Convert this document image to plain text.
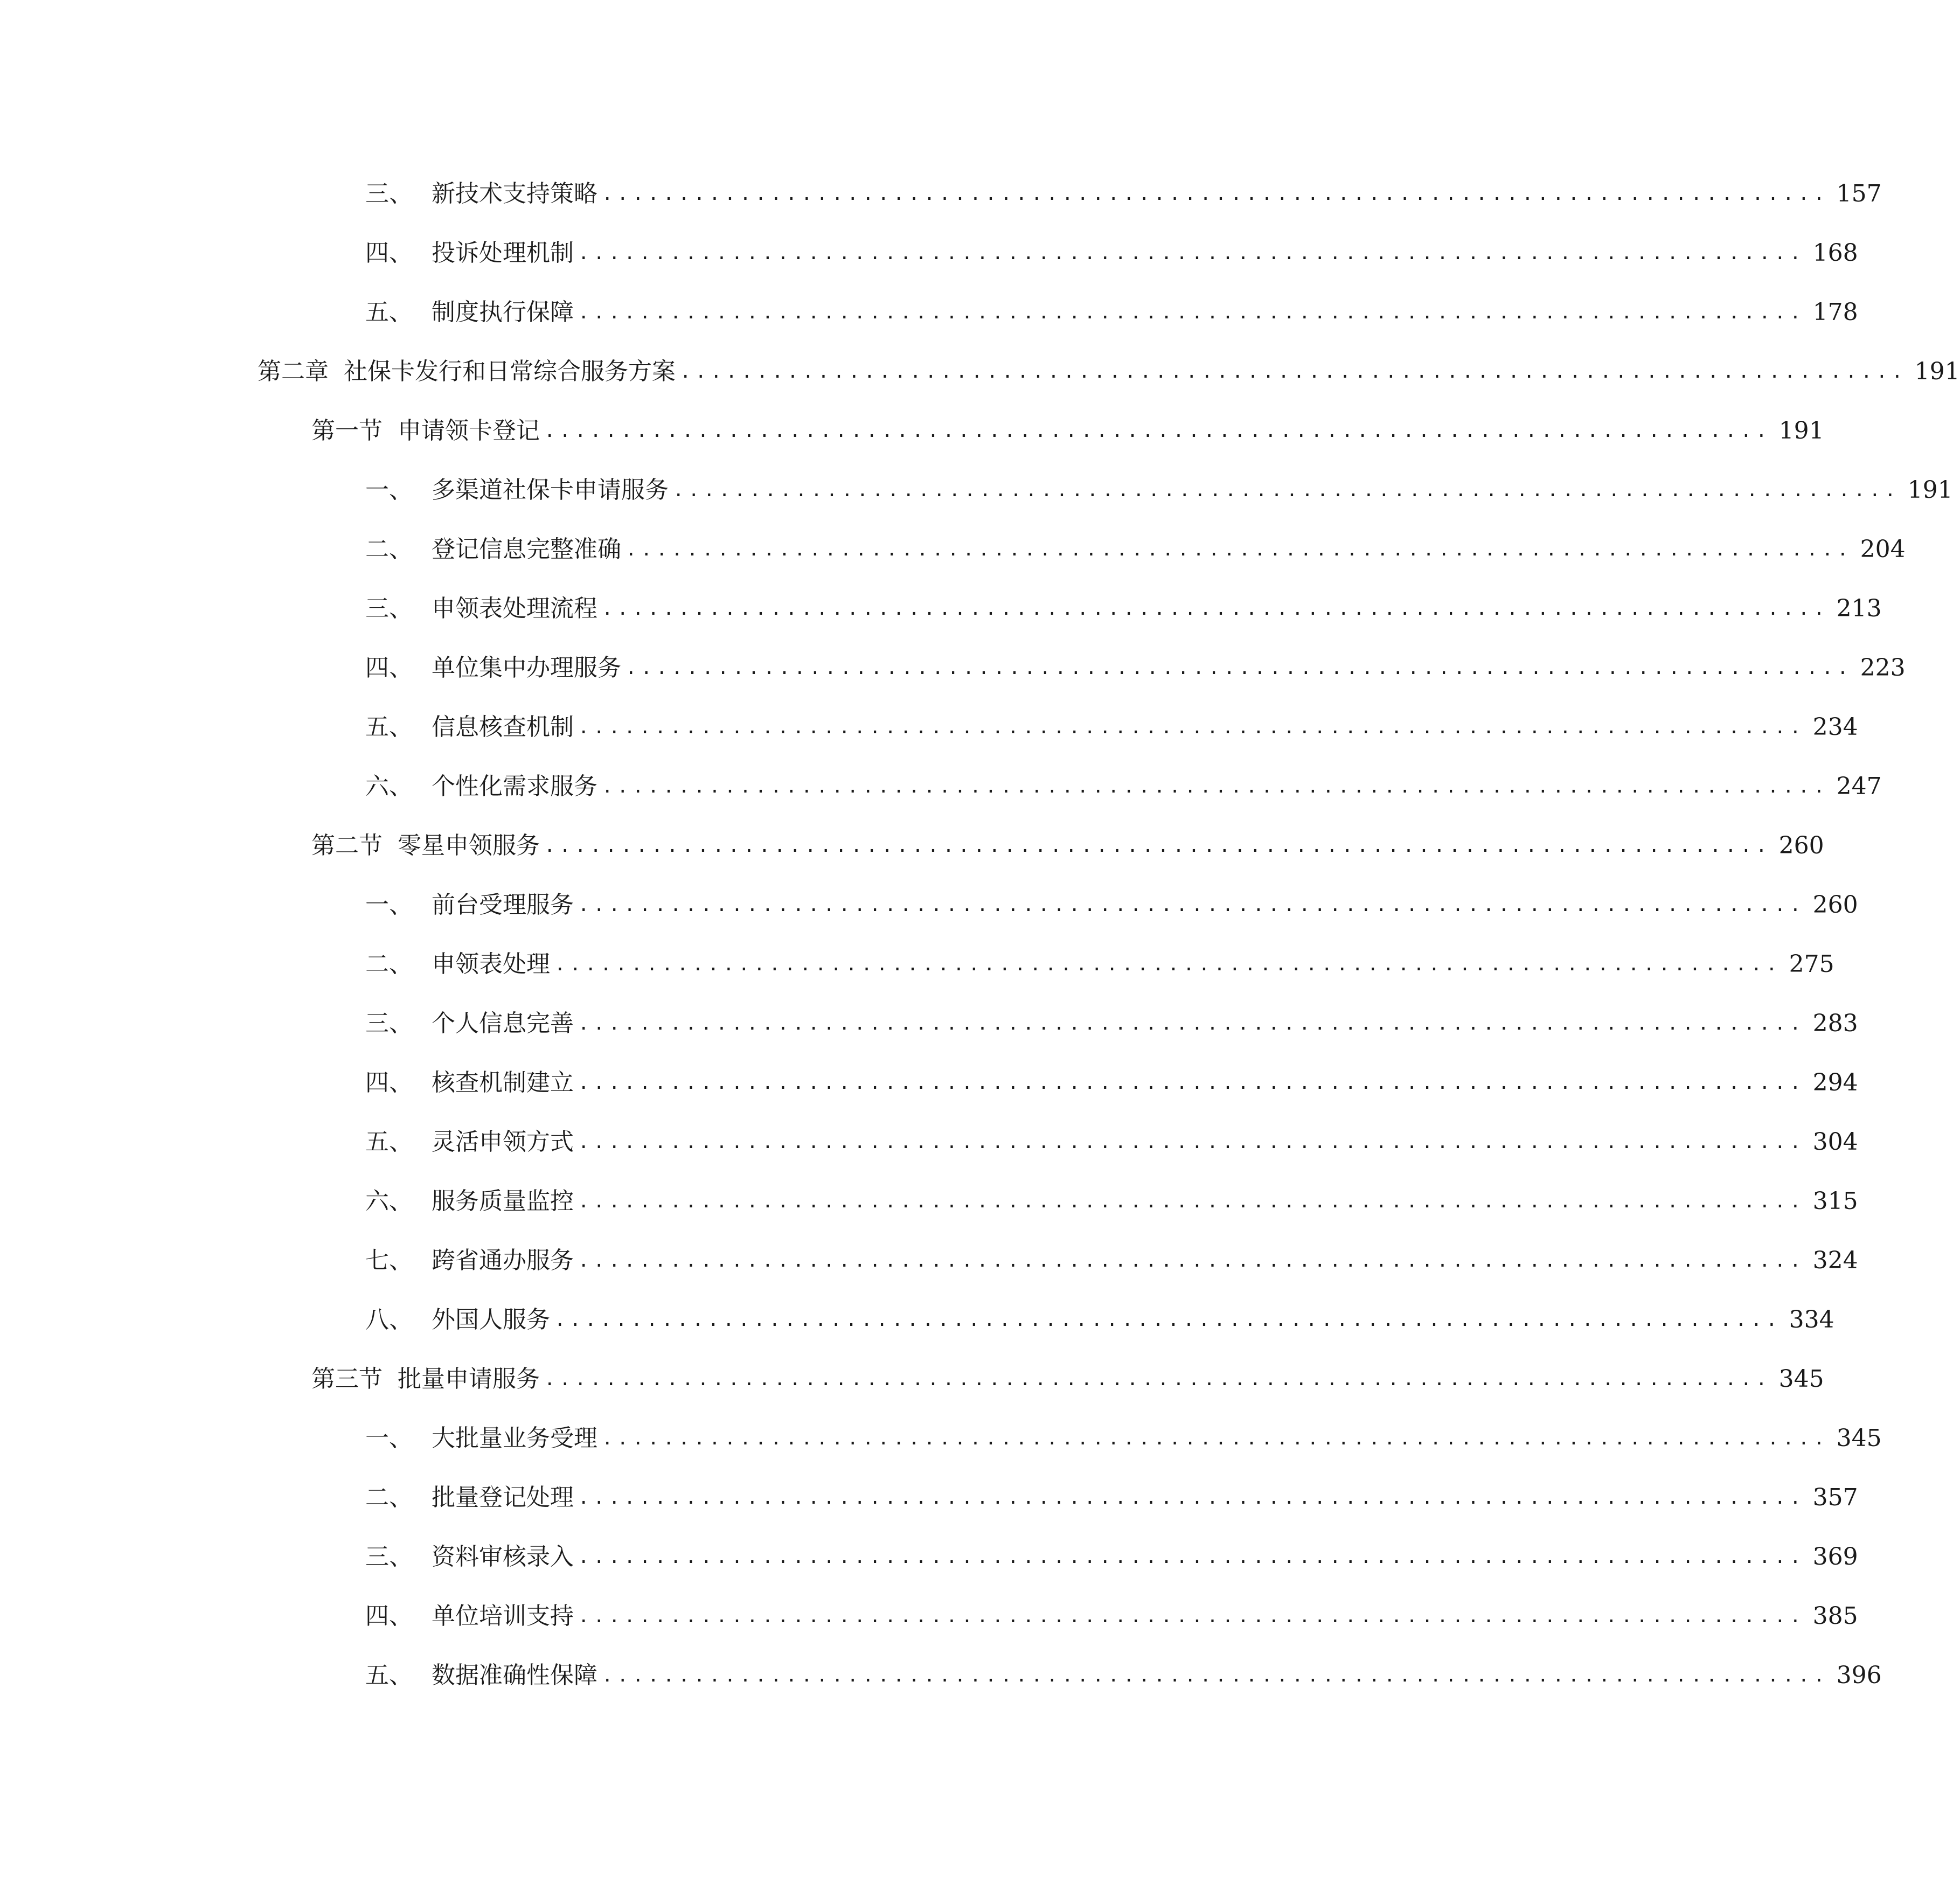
三、 新技术支持策略 ................................................................................ 157
四、 投诉处理机制 ................................................................................ 168
五、 制度执行保障 ................................................................................ 178
第二章 社保卡发行和日常综合服务方案 ................................................................................ 191
第一节 申请领卡登记 ................................................................................ 191
一、 多渠道社保卡申请服务 ................................................................................ 191
二、 登记信息完整准确 ................................................................................ 204
三、 申领表处理流程 ................................................................................ 213
四、 单位集中办理服务 ................................................................................ 223
五、 信息核查机制 ................................................................................ 234
六、 个性化需求服务 ................................................................................ 247
第二节 零星申领服务 ................................................................................ 260
一、 前台受理服务 ................................................................................ 260
二、 申领表处理 ................................................................................ 275
三、 个人信息完善 ................................................................................ 283
四、 核查机制建立 ................................................................................ 294
五、 灵活申领方式 ................................................................................ 304
六、 服务质量监控 ................................................................................ 315
七、 跨省通办服务 ................................................................................ 324
八、 外国人服务 ................................................................................ 334
第三节 批量申请服务 ................................................................................ 345
一、 大批量业务受理 ................................................................................ 345
二、 批量登记处理 ................................................................................ 357
三、 资料审核录入 ................................................................................ 369
四、 单位培训支持 ................................................................................ 385
五、 数据准确性保障 ................................................................................ 396
